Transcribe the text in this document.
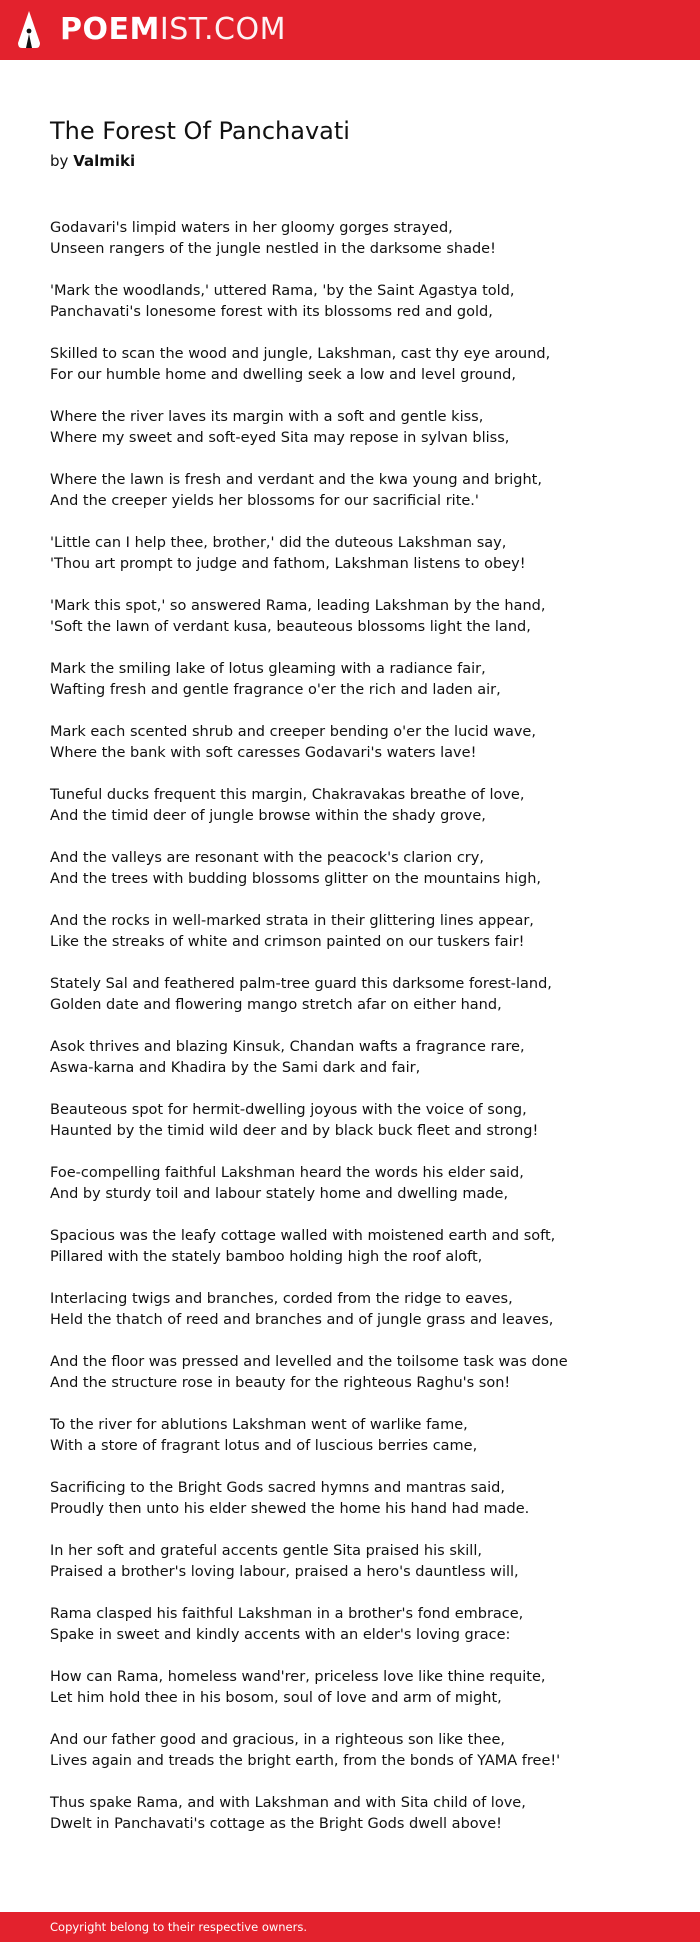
POEMIST.COM
The Forest Of Panchavati
by Valmiki
Godavari's limpid waters in her gloomy gorges strayed,
Unseen rangers of the jungle nestled in the darksome shade!
'Mark the woodlands,' uttered Rama, 'by the Saint Agastya told,
Panchavati's lonesome forest with its blossoms red and gold,
Skilled to scan the wood and jungle, Lakshman, cast thy eye around,
For our humble home and dwelling seek a low and level ground,
Where the river laves its margin with a soft and gentle kiss,
Where my sweet and soft-eyed Sita may repose in sylvan bliss,
Where the lawn is fresh and verdant and the kwa young and bright,
And the creeper yields her blossoms for our sacrificial rite.'
'Little can I help thee, brother,' did the duteous Lakshman say,
'Thou art prompt to judge and fathom, Lakshman listens to obey!
'Mark this spot,' so answered Rama, leading Lakshman by the hand,
'Soft the lawn of verdant kusa, beauteous blossoms light the land,
Mark the smiling lake of lotus gleaming with a radiance fair,
Wafting fresh and gentle fragrance o'er the rich and laden air,
Mark each scented shrub and creeper bending o'er the lucid wave,
Where the bank with soft caresses Godavari's waters lave!
Tuneful ducks frequent this margin, Chakravakas breathe of love,
And the timid deer of jungle browse within the shady grove,
And the valleys are resonant with the peacock's clarion cry,
And the trees with budding blossoms glitter on the mountains high,
And the rocks in well-marked strata in their glittering lines appear,
Like the streaks of white and crimson painted on our tuskers fair!
Stately Sal and feathered palm-tree guard this darksome forest-land,
Golden date and flowering mango stretch afar on either hand,
Asok thrives and blazing Kinsuk, Chandan wafts a fragrance rare,
Aswa-karna and Khadira by the Sami dark and fair,
Beauteous spot for hermit-dwelling joyous with the voice of song,
Haunted by the timid wild deer and by black buck fleet and strong!
Foe-compelling faithful Lakshman heard the words his elder said,
And by sturdy toil and labour stately home and dwelling made,
Spacious was the leafy cottage walled with moistened earth and soft,
Pillared with the stately bamboo holding high the roof aloft,
Interlacing twigs and branches, corded from the ridge to eaves,
Held the thatch of reed and branches and of jungle grass and leaves,
And the floor was pressed and levelled and the toilsome task was done
And the structure rose in beauty for the righteous Raghu's son!
To the river for ablutions Lakshman went of warlike fame,
With a store of fragrant lotus and of luscious berries came,
Sacrificing to the Bright Gods sacred hymns and mantras said,
Proudly then unto his elder shewed the home his hand had made.
In her soft and grateful accents gentle Sita praised his skill,
Praised a brother's loving labour, praised a hero's dauntless will,
Rama clasped his faithful Lakshman in a brother's fond embrace,
Spake in sweet and kindly accents with an elder's loving grace:
How can Rama, homeless wand'rer, priceless love like thine requite,
Let him hold thee in his bosom, soul of love and arm of might,
And our father good and gracious, in a righteous son like thee,
Lives again and treads the bright earth, from the bonds of YAMA free!'
Thus spake Rama, and with Lakshman and with Sita child of love,
Dwelt in Panchavati's cottage as the Bright Gods dwell above!
Copyright belong to their respective owners.
